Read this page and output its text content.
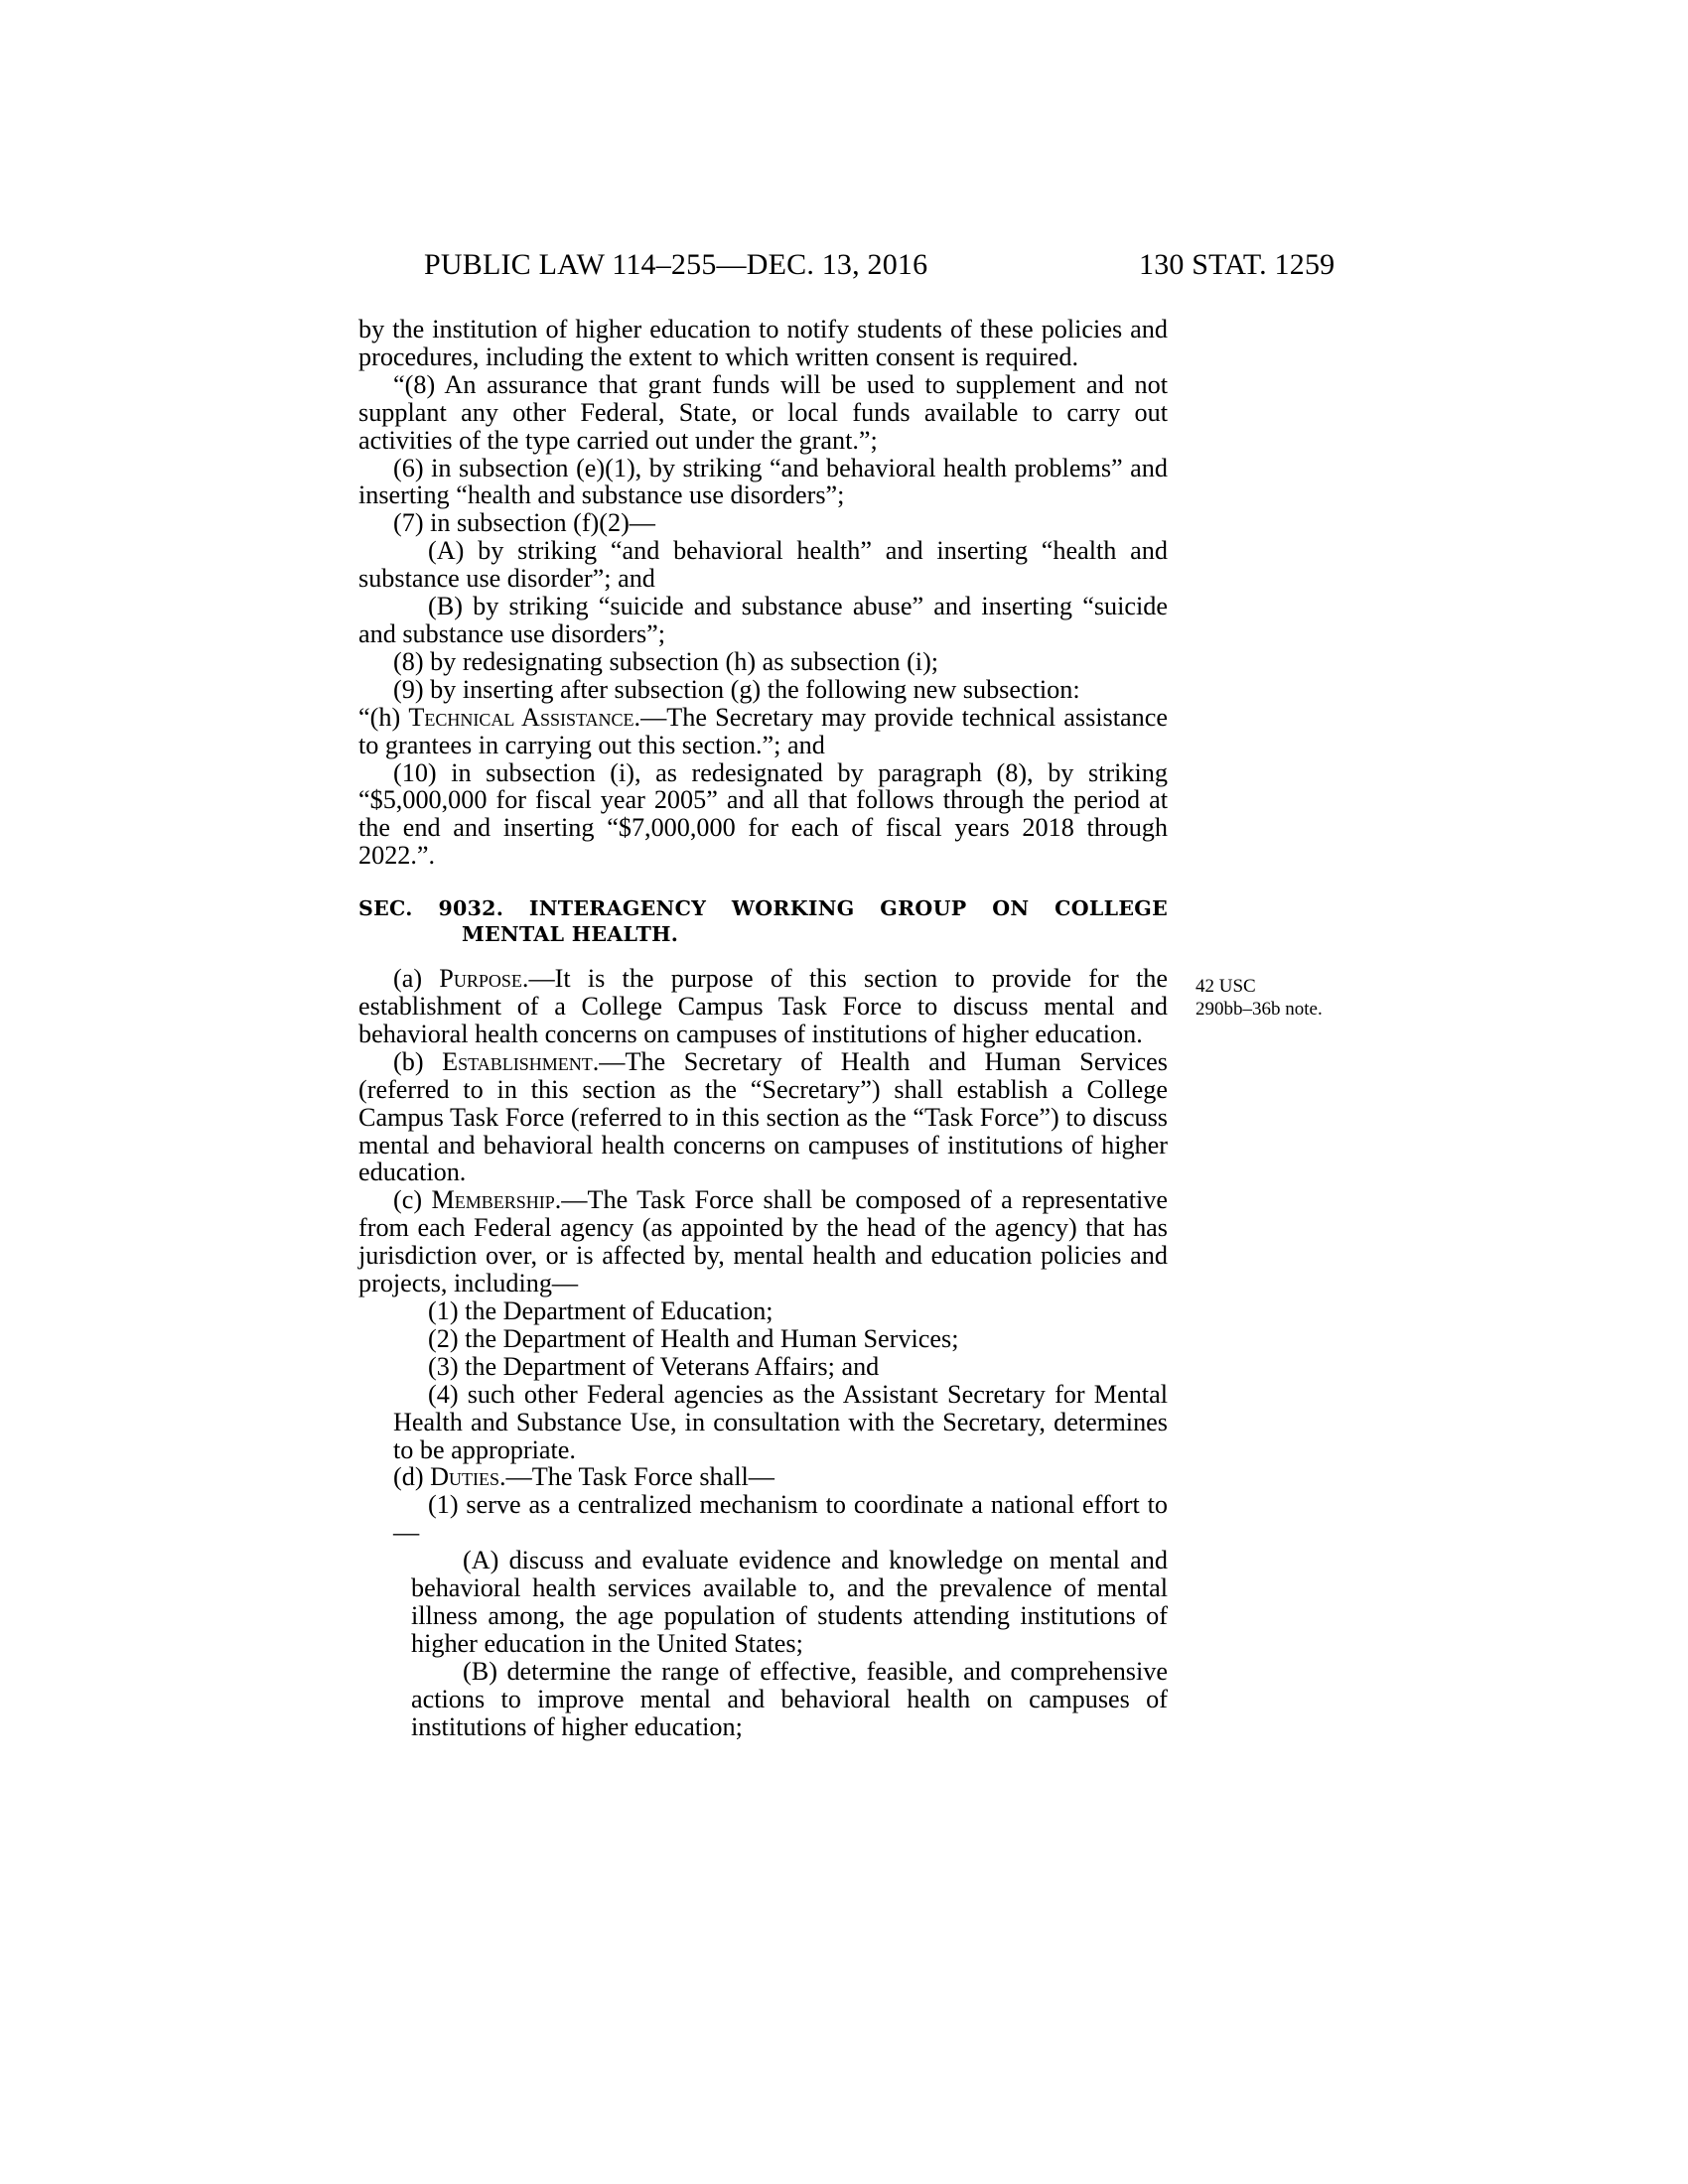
PUBLIC LAW 114–255—DEC. 13, 2016	130 STAT. 1259

by the institution of higher education to notify students of these policies and procedures, including the extent to which written consent is required.

“(8) An assurance that grant funds will be used to supplement and not supplant any other Federal, State, or local funds available to carry out activities of the type carried out under the grant.”;

(6) in subsection (e)(1), by striking “and behavioral health problems” and inserting “health and substance use disorders”;

(7) in subsection (f)(2)—

(A) by striking “and behavioral health” and inserting “health and substance use disorder”; and

(B) by striking “suicide and substance abuse” and inserting “suicide and substance use disorders”;

(8) by redesignating subsection (h) as subsection (i);

(9) by inserting after subsection (g) the following new subsection:

“(h) Technical Assistance.—The Secretary may provide technical assistance to grantees in carrying out this section.”; and

(10) in subsection (i), as redesignated by paragraph (8), by striking “$5,000,000 for fiscal year 2005” and all that follows through the period at the end and inserting “$7,000,000 for each of fiscal years 2018 through 2022.”.

SEC. 9032. INTERAGENCY WORKING GROUP ON COLLEGE MENTAL HEALTH.

(a) Purpose.—It is the purpose of this section to provide for the establishment of a College Campus Task Force to discuss mental and behavioral health concerns on campuses of institutions of higher education.

(b) Establishment.—The Secretary of Health and Human Services (referred to in this section as the “Secretary”) shall establish a College Campus Task Force (referred to in this section as the “Task Force”) to discuss mental and behavioral health concerns on campuses of institutions of higher education.

(c) Membership.—The Task Force shall be composed of a representative from each Federal agency (as appointed by the head of the agency) that has jurisdiction over, or is affected by, mental health and education policies and projects, including—

(1) the Department of Education;

(2) the Department of Health and Human Services;

(3) the Department of Veterans Affairs; and

(4) such other Federal agencies as the Assistant Secretary for Mental Health and Substance Use, in consultation with the Secretary, determines to be appropriate.

(d) Duties.—The Task Force shall—

(1) serve as a centralized mechanism to coordinate a national effort to—

(A) discuss and evaluate evidence and knowledge on mental and behavioral health services available to, and the prevalence of mental illness among, the age population of students attending institutions of higher education in the United States;

(B) determine the range of effective, feasible, and comprehensive actions to improve mental and behavioral health on campuses of institutions of higher education;

42 USC
290bb–36b note.
